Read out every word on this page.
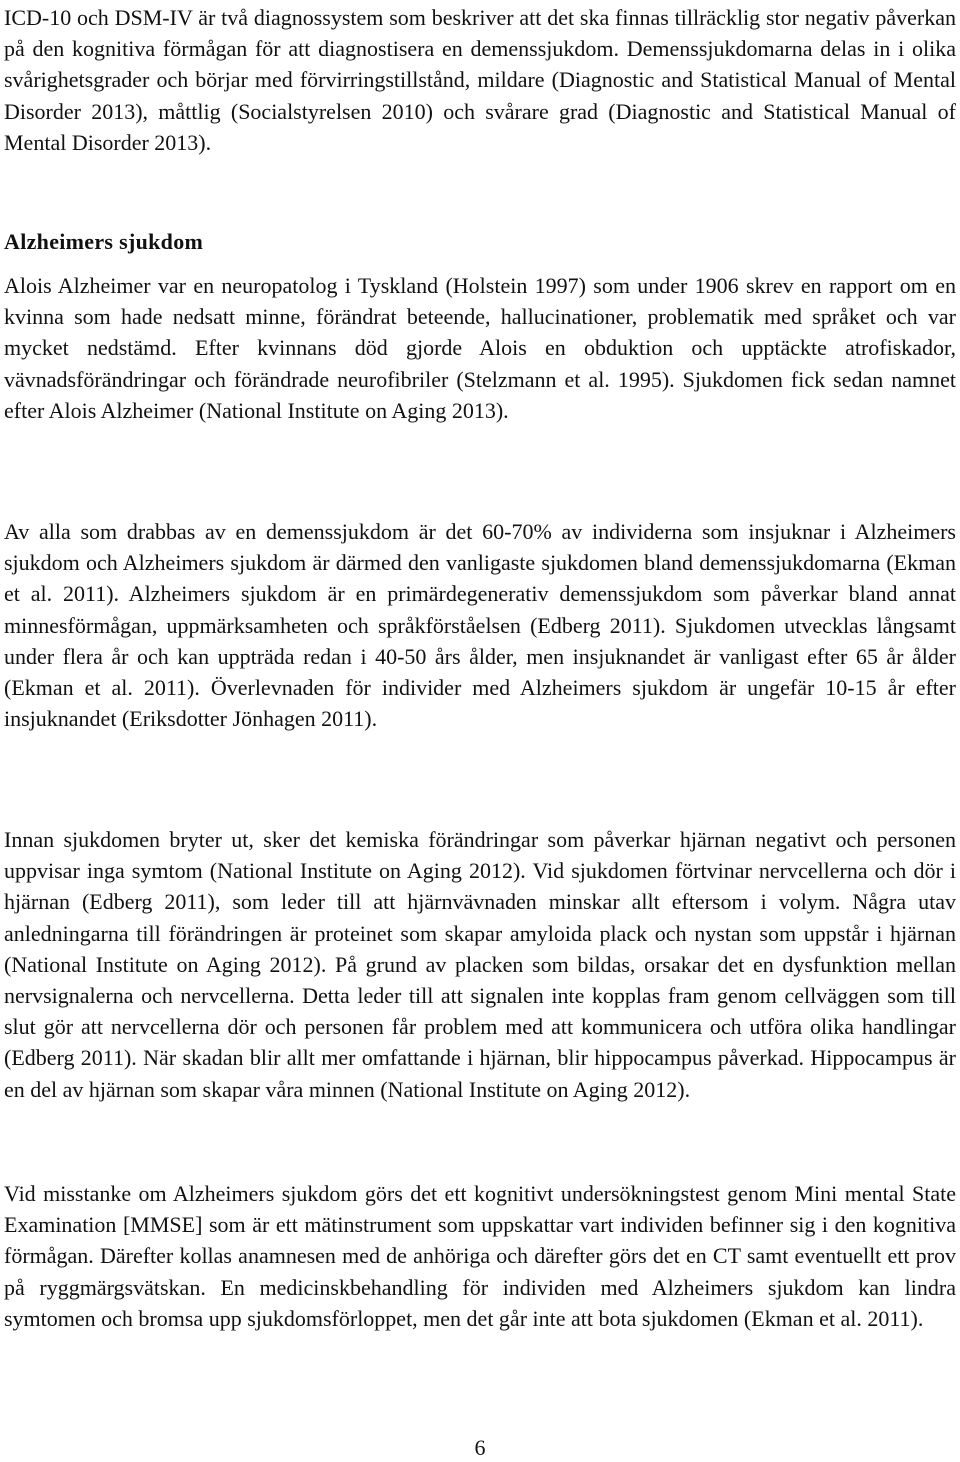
ICD-10 och DSM-IV är två diagnossystem som beskriver att det ska finnas tillräcklig stor negativ påverkan på den kognitiva förmågan för att diagnostisera en demenssjukdom. Demenssjukdomarna delas in i olika svårighetsgrader och börjar med förvirringstillstånd, mildare (Diagnostic and Statistical Manual of Mental Disorder 2013), måttlig (Socialstyrelsen 2010) och svårare grad (Diagnostic and Statistical Manual of Mental Disorder 2013).

Alzheimers sjukdom

Alois Alzheimer var en neuropatolog i Tyskland (Holstein 1997) som under 1906 skrev en rapport om en kvinna som hade nedsatt minne, förändrat beteende, hallucinationer, problematik med språket och var mycket nedstämd. Efter kvinnans död gjorde Alois en obduktion och upptäckte atrofiskador, vävnadsförändringar och förändrade neurofibriler (Stelzmann et al. 1995). Sjukdomen fick sedan namnet efter Alois Alzheimer (National Institute on Aging 2013).

Av alla som drabbas av en demenssjukdom är det 60-70% av individerna som insjuknar i Alzheimers sjukdom och Alzheimers sjukdom är därmed den vanligaste sjukdomen bland demenssjukdomarna (Ekman et al. 2011). Alzheimers sjukdom är en primärdegenerativ demenssjukdom som påverkar bland annat minnesförmågan, uppmärksamheten och språkförståelsen (Edberg 2011). Sjukdomen utvecklas långsamt under flera år och kan uppträda redan i 40-50 års ålder, men insjuknandet är vanligast efter 65 år ålder (Ekman et al. 2011). Överlevnaden för individer med Alzheimers sjukdom är ungefär 10-15 år efter insjuknandet (Eriksdotter Jönhagen 2011).

Innan sjukdomen bryter ut, sker det kemiska förändringar som påverkar hjärnan negativt och personen uppvisar inga symtom (National Institute on Aging 2012). Vid sjukdomen förtvinar nervcellerna och dör i hjärnan (Edberg 2011), som leder till att hjärnvävnaden minskar allt eftersom i volym. Några utav anledningarna till förändringen är proteinet som skapar amyloida plack och nystan som uppstår i hjärnan (National Institute on Aging 2012). På grund av placken som bildas, orsakar det en dysfunktion mellan nervsignalerna och nervcellerna. Detta leder till att signalen inte kopplas fram genom cellväggen som till slut gör att nervcellerna dör och personen får problem med att kommunicera och utföra olika handlingar (Edberg 2011). När skadan blir allt mer omfattande i hjärnan, blir hippocampus påverkad. Hippocampus är en del av hjärnan som skapar våra minnen (National Institute on Aging 2012).

Vid misstanke om Alzheimers sjukdom görs det ett kognitivt undersökningstest genom Mini mental State Examination [MMSE] som är ett mätinstrument som uppskattar vart individen befinner sig i den kognitiva förmågan. Därefter kollas anamnesen med de anhöriga och därefter görs det en CT samt eventuellt ett prov på ryggmärgsvätskan. En medicinskbehandling för individen med Alzheimers sjukdom kan lindra symtomen och bromsa upp sjukdomsförloppet, men det går inte att bota sjukdomen (Ekman et al. 2011).

6
